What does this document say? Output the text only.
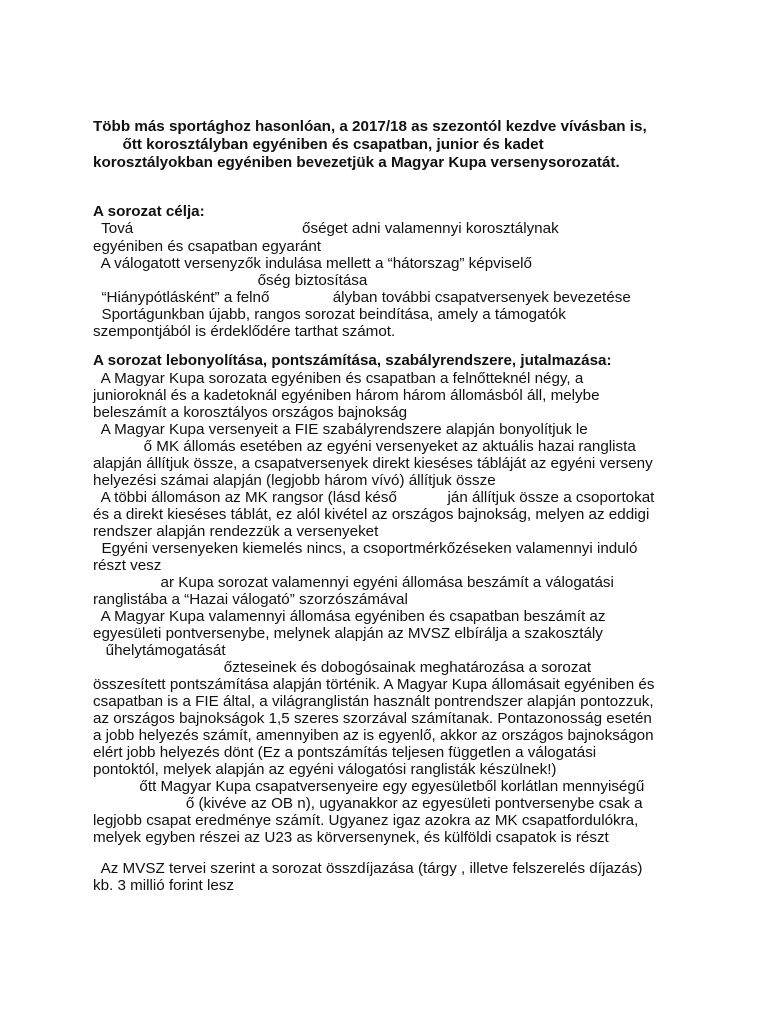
Több más sportághoz hasonlóan, a 2017/18 as szezontól kezdve vívásban is,

őtt korosztályban egyéniben és csapatban, junior és kadet

korosztályokban egyéniben bevezetjük a Magyar Kupa versenysorozatát.

A sorozat célja:

Tová                                        őséget adni valamennyi korosztálynak

egyéniben és csapatban egyaránt

A válogatott versenyzők indulása mellett a “hátorszag” képviselő

őség biztosítása

“Hiánypótlásként” a felnő               ályban további csapatversenyek bevezetése

Sportágunkban újabb, rangos sorozat beindítása, amely a támogatók

szempontjából is érdeklődére tarthat számot.

A sorozat lebonyolítása, pontszámítása, szabályrendszere, jutalmazása:

A Magyar Kupa sorozata egyéniben és csapatban a felnőtteknél négy, a

junioroknál és a kadetoknál egyéniben három három állomásból áll, melybe

beleszámít a korosztályos országos bajnokság

A Magyar Kupa versenyeit a FIE szabályrendszere alapján bonyolítjuk le

ő MK állomás esetében az egyéni versenyeket az aktuális hazai ranglista

alapján állítjuk össze, a csapatversenyek direkt kieséses tábláját az egyéni verseny

helyezési számai alapján (legjobb három vívó) állítjuk össze

A többi állomáson az MK rangsor (lásd késő            ján állítjuk össze a csoportokat

és a direkt kieséses táblát, ez alól kivétel az országos bajnokság, melyen az eddigi

rendszer alapján rendezzük a versenyeket

Egyéni versenyeken kiemelés nincs, a csoportmérkőzéseken valamennyi induló

részt vesz

ar Kupa sorozat valamennyi egyéni állomása beszámít a válogatási

ranglistába a “Hazai válogató” szorzószámával

A Magyar Kupa valamennyi állomása egyéniben és csapatban beszámít az

egyesületi pontversenybe, melynek alapján az MVSZ elbírálja a szakosztály

űhelytámogatását

őzteseinek és dobogósainak meghatározása a sorozat

összesített pontszámítása alapján történik. A Magyar Kupa állomásait egyéniben és

csapatban is a FIE által, a világranglistán használt pontrendszer alapján pontozzuk,

az országos bajnokságok 1,5 szeres szorzával számítanak. Pontazonosság esetén

a jobb helyezés számít, amennyiben az is egyenlő, akkor az országos bajnokságon

elért jobb helyezés dönt (Ez a pontszámítás teljesen független a válogatási

pontoktól, melyek alapján az egyéni válogatósi ranglisták készülnek!)

őtt Magyar Kupa csapatversenyeire egy egyesületből korlátlan mennyiségű

ő (kivéve az OB n), ugyanakkor az egyesületi pontversenybe csak a

legjobb csapat eredménye számít. Ugyanez igaz azokra az MK csapatfordulókra,

melyek egyben részei az U23 as körversenynek, és külföldi csapatok is részt

Az MVSZ tervei szerint a sorozat összdíjazása (tárgy , illetve felszerelés díjazás)

kb. 3 millió forint lesz
